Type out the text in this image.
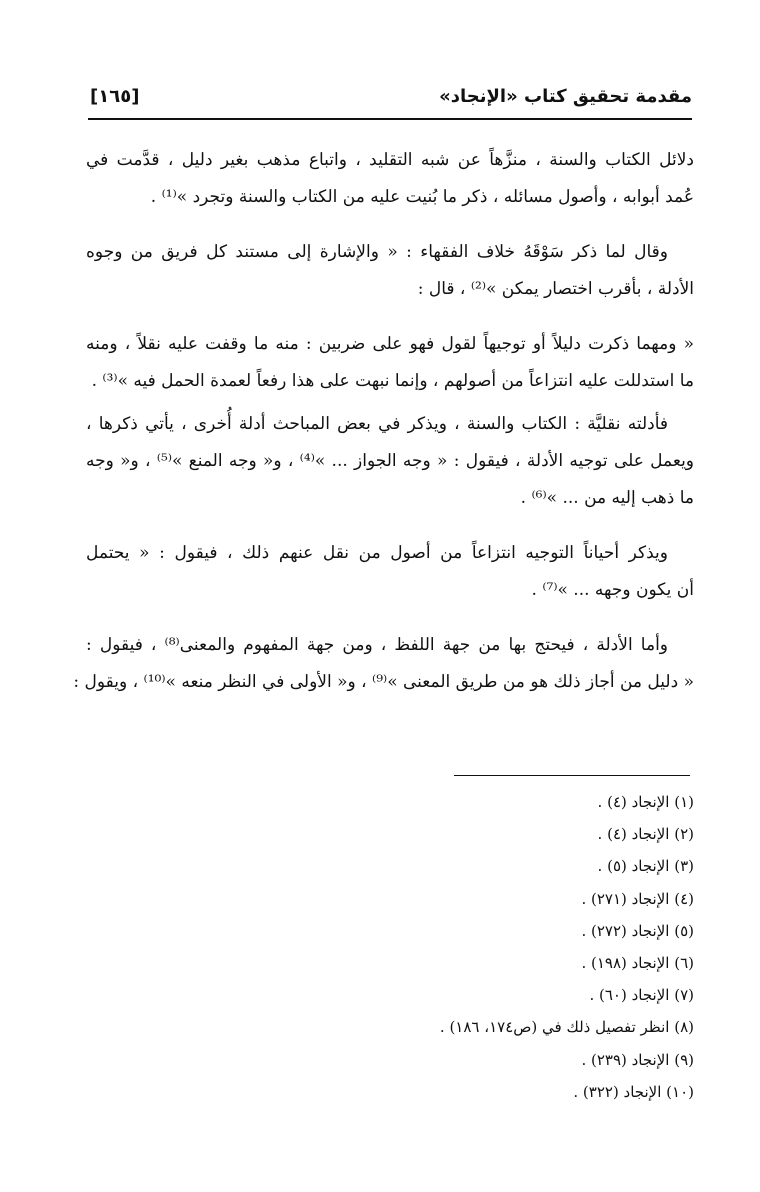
مقدمة تحقيق كتاب «الإنجاد»
[١٦٥]
دلائل الكتاب والسنة ، منزَّهاً عن شبه التقليد ، واتباع مذهب بغير دليل ، قدَّمت في
عُمد أبوابه ، وأصول مسائله ، ذكر ما بُنيت عليه من الكتاب والسنة وتجرد »⁽¹⁾ .
وقال لما ذكر سَوْقَهُ خلاف الفقهاء : « والإشارة إلى مستند كل فريق من وجوه
الأدلة ، بأقرب اختصار يمكن »⁽²⁾ ، قال :
« ومهما ذكرت دليلاً أو توجيهاً لقول فهو على ضربين : منه ما وقفت عليه نقلاً ، ومنه
ما استدللت عليه انتزاعاً من أصولهم ، وإنما نبهت على هذا رفعاً لعمدة الحمل فيه »⁽³⁾ .
فأدلته نقليَّة : الكتاب والسنة ، ويذكر في بعض المباحث أدلة أُخرى ، يأتي ذكرها ،
ويعمل على توجيه الأدلة ، فيقول : « وجه الجواز ... »⁽⁴⁾ ، و« وجه المنع »⁽⁵⁾ ، و« وجه
ما ذهب إليه من ... »⁽⁶⁾ .
ويذكر أحياناً التوجيه انتزاعاً من أصول من نقل عنهم ذلك ، فيقول : « يحتمل
أن يكون وجهه ... »⁽⁷⁾ .
وأما الأدلة ، فيحتج بها من جهة اللفظ ، ومن جهة المفهوم والمعنى⁽⁸⁾ ، فيقول :
« دليل من أجاز ذلك هو من طريق المعنى »⁽⁹⁾ ، و« الأولى في النظر منعه »⁽¹⁰⁾ ، ويقول :
(١) الإنجاد (٤) .
(٢) الإنجاد (٤) .
(٣) الإنجاد (٥) .
(٤) الإنجاد (٢٧١) .
(٥) الإنجاد (٢٧٢) .
(٦) الإنجاد (١٩٨) .
(٧) الإنجاد (٦٠) .
(٨) انظر تفصيل ذلك في (ص١٧٤، ١٨٦) .
(٩) الإنجاد (٢٣٩) .
(١٠) الإنجاد (٣٢٢) .
